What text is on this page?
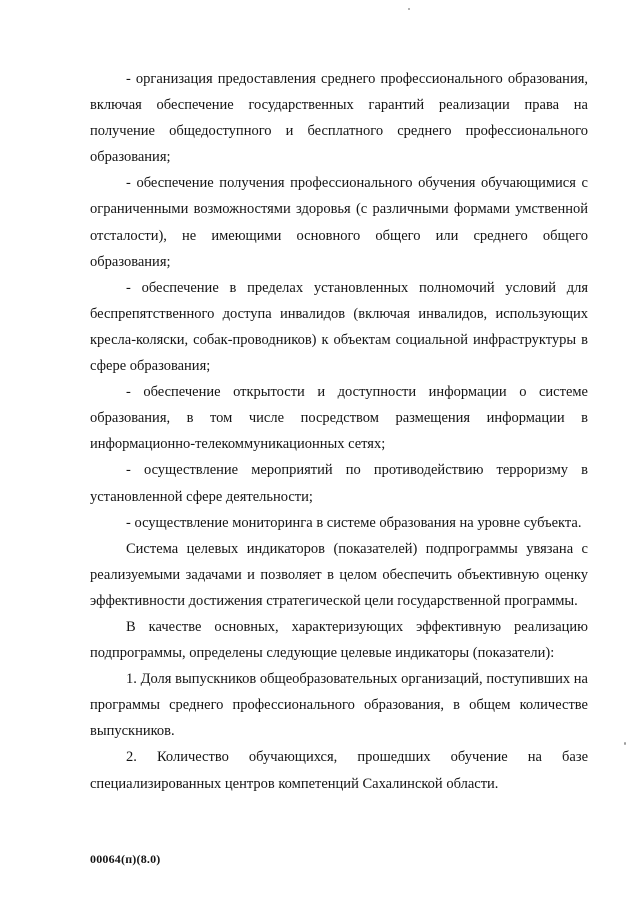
- организация предоставления среднего профессионального образования, включая обеспечение государственных гарантий реализации права на получение общедоступного и бесплатного среднего профессионального образования;

- обеспечение получения профессионального обучения обучающимися с ограниченными возможностями здоровья (с различными формами умственной отсталости), не имеющими основного общего или среднего общего образования;

- обеспечение в пределах установленных полномочий условий для беспрепятственного доступа инвалидов (включая инвалидов, использующих кресла-коляски, собак-проводников) к объектам социальной инфраструктуры в сфере образования;

- обеспечение открытости и доступности информации о системе образования, в том числе посредством размещения информации в информационно-телекоммуникационных сетях;

- осуществление мероприятий по противодействию терроризму в установленной сфере деятельности;

- осуществление мониторинга в системе образования на уровне субъекта.

Система целевых индикаторов (показателей) подпрограммы увязана с реализуемыми задачами и позволяет в целом обеспечить объективную оценку эффективности достижения стратегической цели государственной программы.

В качестве основных, характеризующих эффективную реализацию подпрограммы, определены следующие целевые индикаторы (показатели):

1. Доля выпускников общеобразовательных организаций, поступивших на программы среднего профессионального образования, в общем количестве выпускников.

2. Количество обучающихся, прошедших обучение на базе специализированных центров компетенций Сахалинской области.

00064(п)(8.0)
